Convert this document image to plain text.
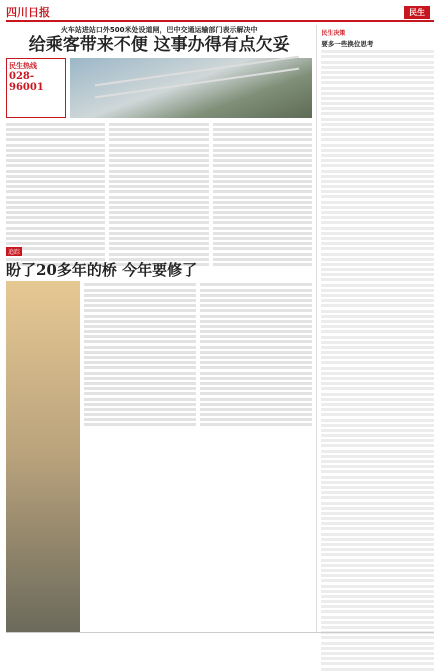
四川日报	民生
火车站进站口外500米处设道闸，巴中交通运输部门表示解决中
给乘客带来不便 这事办得有点欠妥
民生热线
028-96001
追踪
盼了20多年的桥 今年要修了
民生决策
要多一些换位思考
